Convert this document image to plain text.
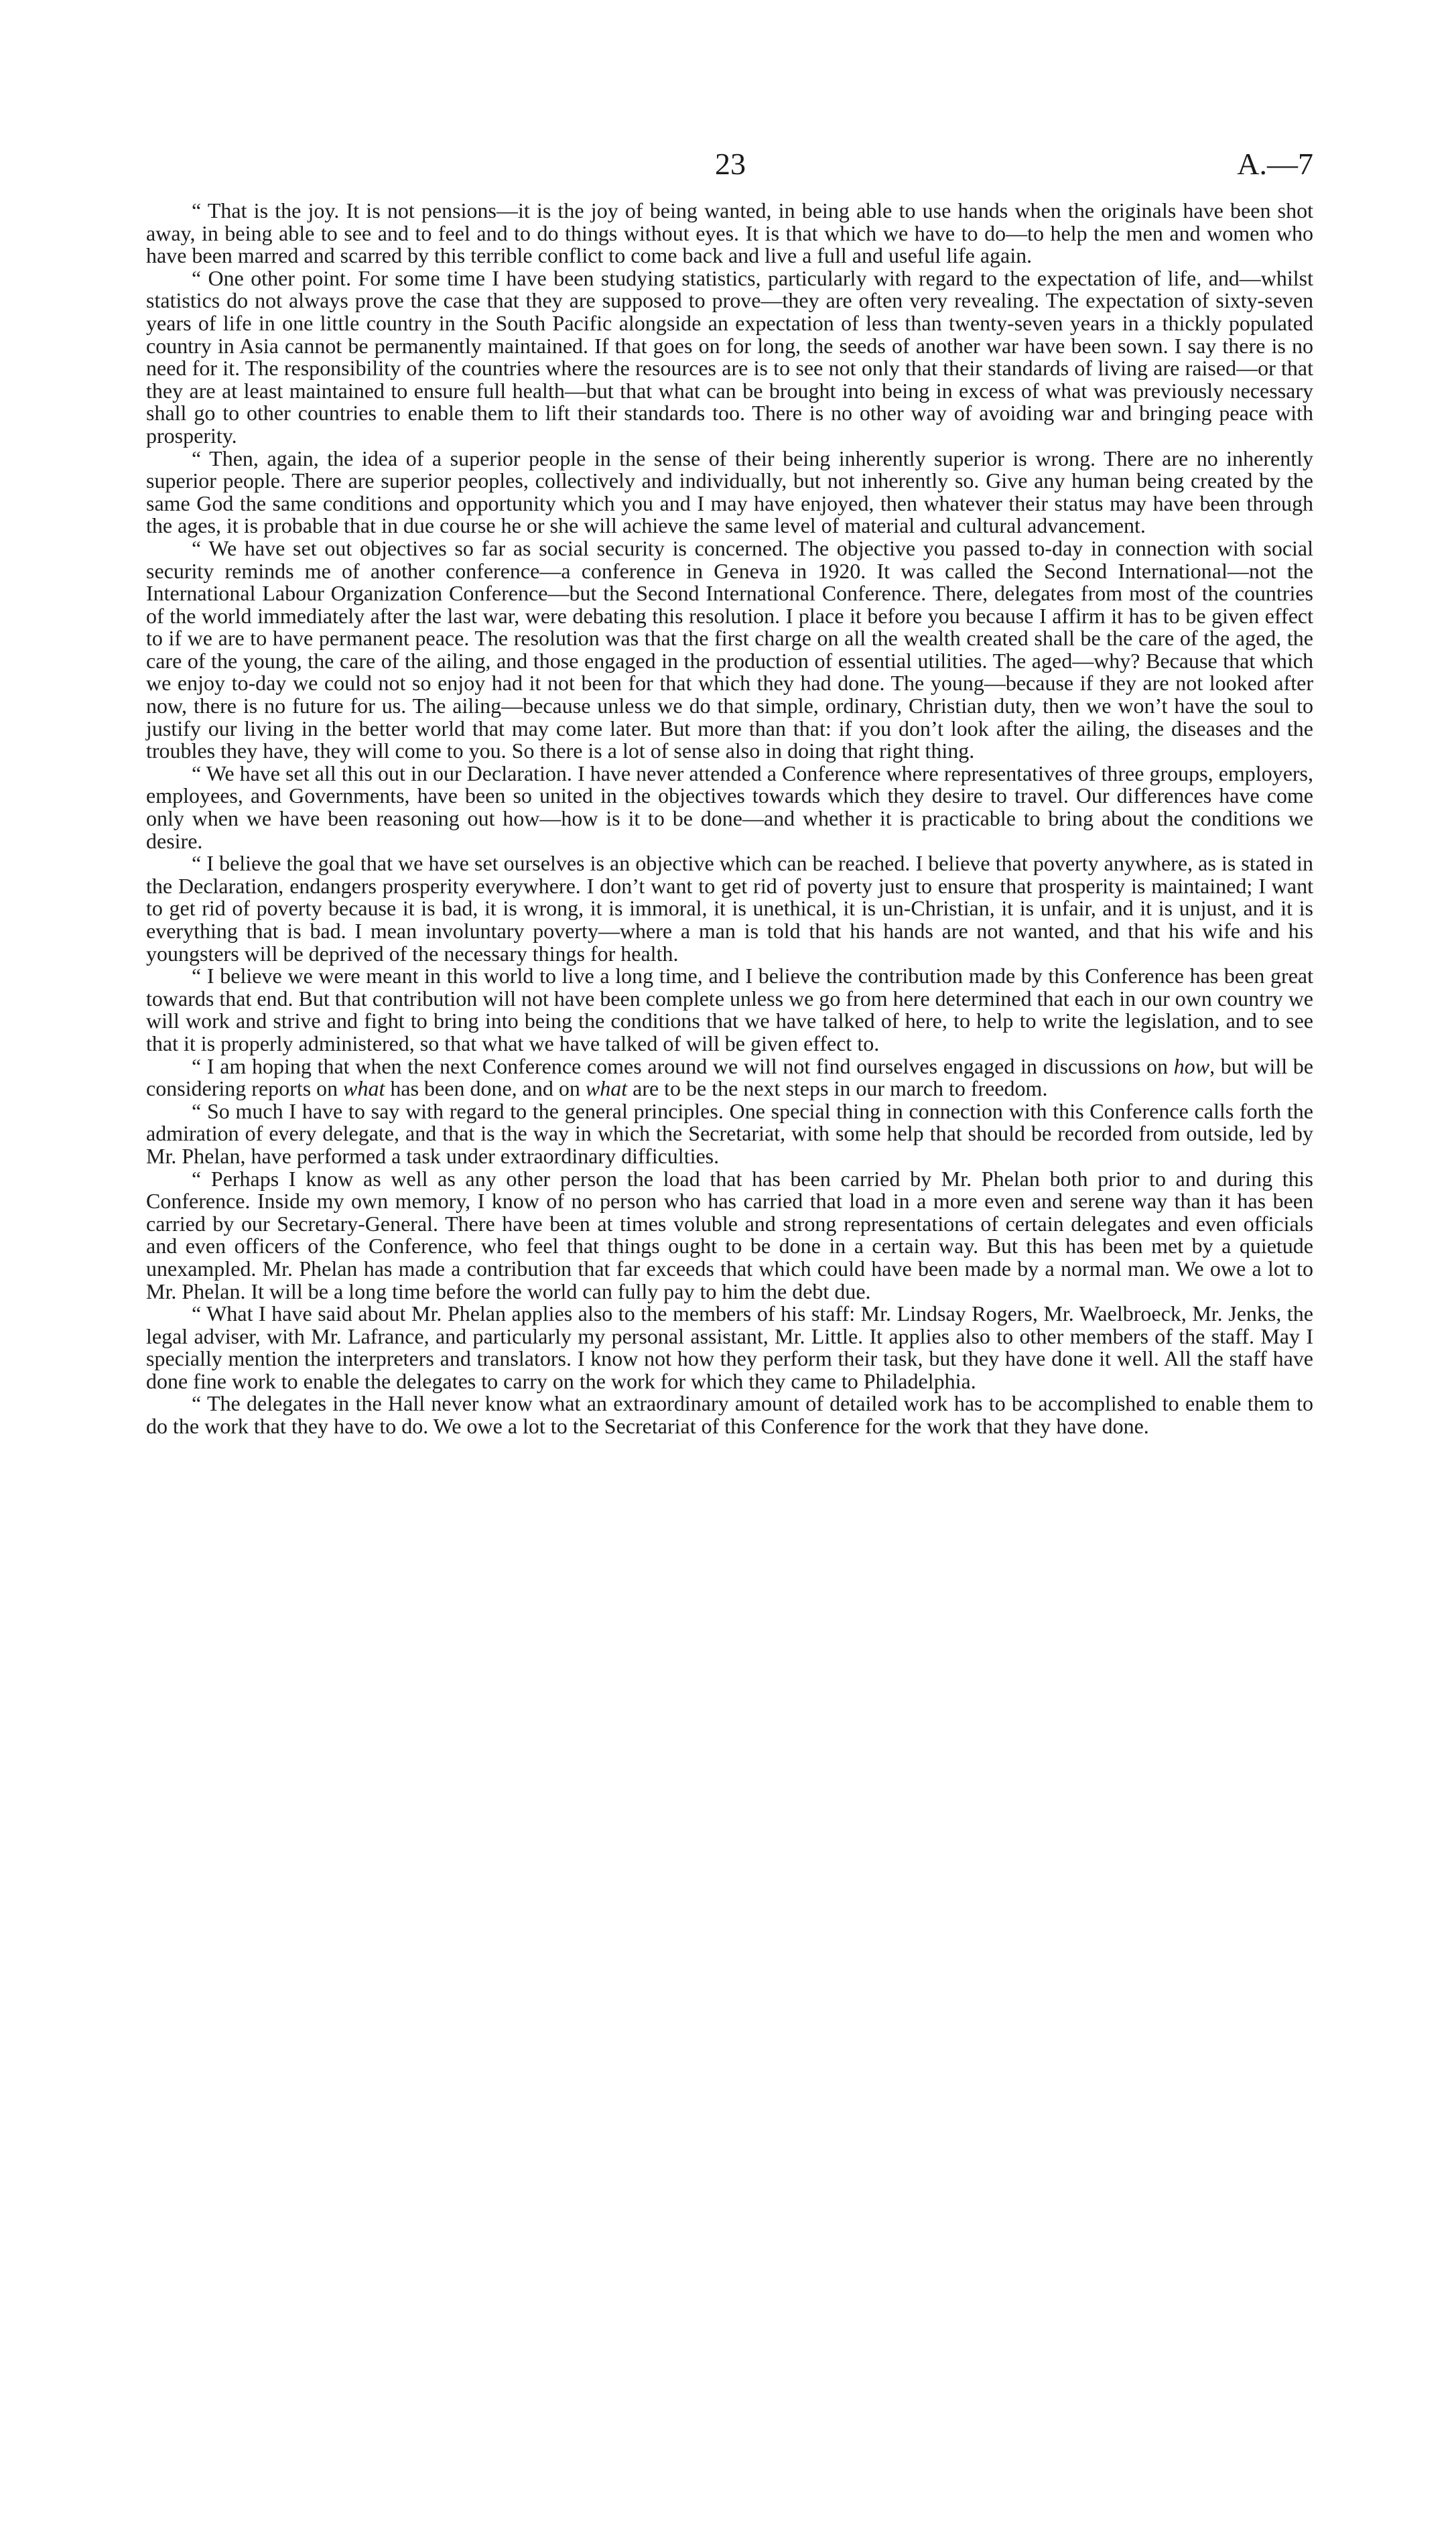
23	A.—7

“ That is the joy. It is not pensions—it is the joy of being wanted, in being able to use hands when the originals have been shot away, in being able to see and to feel and to do things without eyes. It is that which we have to do—to help the men and women who have been marred and scarred by this terrible conflict to come back and live a full and useful life again.

“ One other point. For some time I have been studying statistics, particularly with regard to the expectation of life, and—whilst statistics do not always prove the case that they are supposed to prove—they are often very revealing. The expectation of sixty-seven years of life in one little country in the South Pacific alongside an expectation of less than twenty-seven years in a thickly populated country in Asia cannot be permanently maintained. If that goes on for long, the seeds of another war have been sown. I say there is no need for it. The responsibility of the countries where the resources are is to see not only that their standards of living are raised—or that they are at least maintained to ensure full health—but that what can be brought into being in excess of what was previously necessary shall go to other countries to enable them to lift their standards too. There is no other way of avoiding war and bringing peace with prosperity.

“ Then, again, the idea of a superior people in the sense of their being inherently superior is wrong. There are no inherently superior people. There are superior peoples, collectively and individually, but not inherently so. Give any human being created by the same God the same conditions and opportunity which you and I may have enjoyed, then whatever their status may have been through the ages, it is probable that in due course he or she will achieve the same level of material and cultural advancement.

“ We have set out objectives so far as social security is concerned. The objective you passed to-day in connection with social security reminds me of another conference—a conference in Geneva in 1920. It was called the Second International—not the International Labour Organization Conference—but the Second International Conference. There, delegates from most of the countries of the world immediately after the last war, were debating this resolution. I place it before you because I affirm it has to be given effect to if we are to have permanent peace. The resolution was that the first charge on all the wealth created shall be the care of the aged, the care of the young, the care of the ailing, and those engaged in the production of essential utilities. The aged—why? Because that which we enjoy to-day we could not so enjoy had it not been for that which they had done. The young—because if they are not looked after now, there is no future for us. The ailing—because unless we do that simple, ordinary, Christian duty, then we won’t have the soul to justify our living in the better world that may come later. But more than that: if you don’t look after the ailing, the diseases and the troubles they have, they will come to you. So there is a lot of sense also in doing that right thing.

“ We have set all this out in our Declaration. I have never attended a Conference where representatives of three groups, employers, employees, and Governments, have been so united in the objectives towards which they desire to travel. Our differences have come only when we have been reasoning out how—how is it to be done—and whether it is practicable to bring about the conditions we desire.

“ I believe the goal that we have set ourselves is an objective which can be reached. I believe that poverty anywhere, as is stated in the Declaration, endangers prosperity everywhere. I don’t want to get rid of poverty just to ensure that prosperity is maintained; I want to get rid of poverty because it is bad, it is wrong, it is immoral, it is unethical, it is un-Christian, it is unfair, and it is unjust, and it is everything that is bad. I mean involuntary poverty—where a man is told that his hands are not wanted, and that his wife and his youngsters will be deprived of the necessary things for health.

“ I believe we were meant in this world to live a long time, and I believe the contribution made by this Conference has been great towards that end. But that contribution will not have been complete unless we go from here determined that each in our own country we will work and strive and fight to bring into being the conditions that we have talked of here, to help to write the legislation, and to see that it is properly administered, so that what we have talked of will be given effect to.

“ I am hoping that when the next Conference comes around we will not find ourselves engaged in discussions on how, but will be considering reports on what has been done, and on what are to be the next steps in our march to freedom.

“ So much I have to say with regard to the general principles. One special thing in connection with this Conference calls forth the admiration of every delegate, and that is the way in which the Secretariat, with some help that should be recorded from outside, led by Mr. Phelan, have performed a task under extraordinary difficulties.

“ Perhaps I know as well as any other person the load that has been carried by Mr. Phelan both prior to and during this Conference. Inside my own memory, I know of no person who has carried that load in a more even and serene way than it has been carried by our Secretary-General. There have been at times voluble and strong representations of certain delegates and even officials and even officers of the Conference, who feel that things ought to be done in a certain way. But this has been met by a quietude unexampled. Mr. Phelan has made a contribution that far exceeds that which could have been made by a normal man. We owe a lot to Mr. Phelan. It will be a long time before the world can fully pay to him the debt due.

“ What I have said about Mr. Phelan applies also to the members of his staff: Mr. Lindsay Rogers, Mr. Waelbroeck, Mr. Jenks, the legal adviser, with Mr. Lafrance, and particularly my personal assistant, Mr. Little. It applies also to other members of the staff. May I specially mention the interpreters and translators. I know not how they perform their task, but they have done it well. All the staff have done fine work to enable the delegates to carry on the work for which they came to Philadelphia.

“ The delegates in the Hall never know what an extraordinary amount of detailed work has to be accomplished to enable them to do the work that they have to do. We owe a lot to the Secretariat of this Conference for the work that they have done.
